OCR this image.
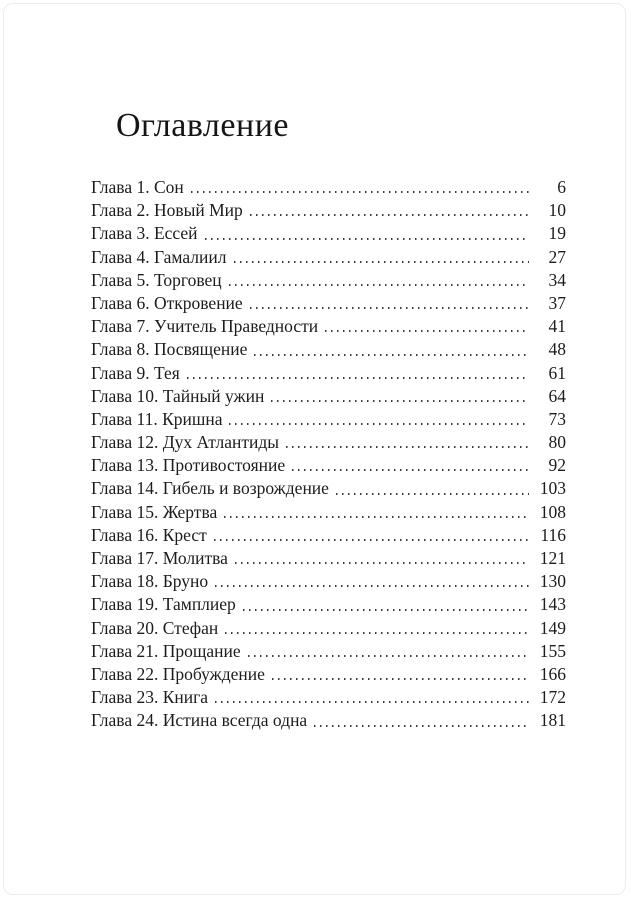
Оглавление
Глава 1. Сон	6
Глава 2. Новый Мир	10
Глава 3. Ессей	19
Глава 4. Гамалиил	27
Глава 5. Торговец	34
Глава 6. Откровение	37
Глава 7. Учитель Праведности	41
Глава 8. Посвящение	48
Глава 9. Тея	61
Глава 10. Тайный ужин	64
Глава 11. Кришна	73
Глава 12. Дух Атлантиды	80
Глава 13. Противостояние	92
Глава 14. Гибель и возрождение	103
Глава 15. Жертва	108
Глава 16. Крест	116
Глава 17. Молитва	121
Глава 18. Бруно	130
Глава 19. Тамплиер	143
Глава 20. Стефан	149
Глава 21. Прощание	155
Глава 22. Пробуждение	166
Глава 23. Книга	172
Глава 24. Истина всегда одна	181
